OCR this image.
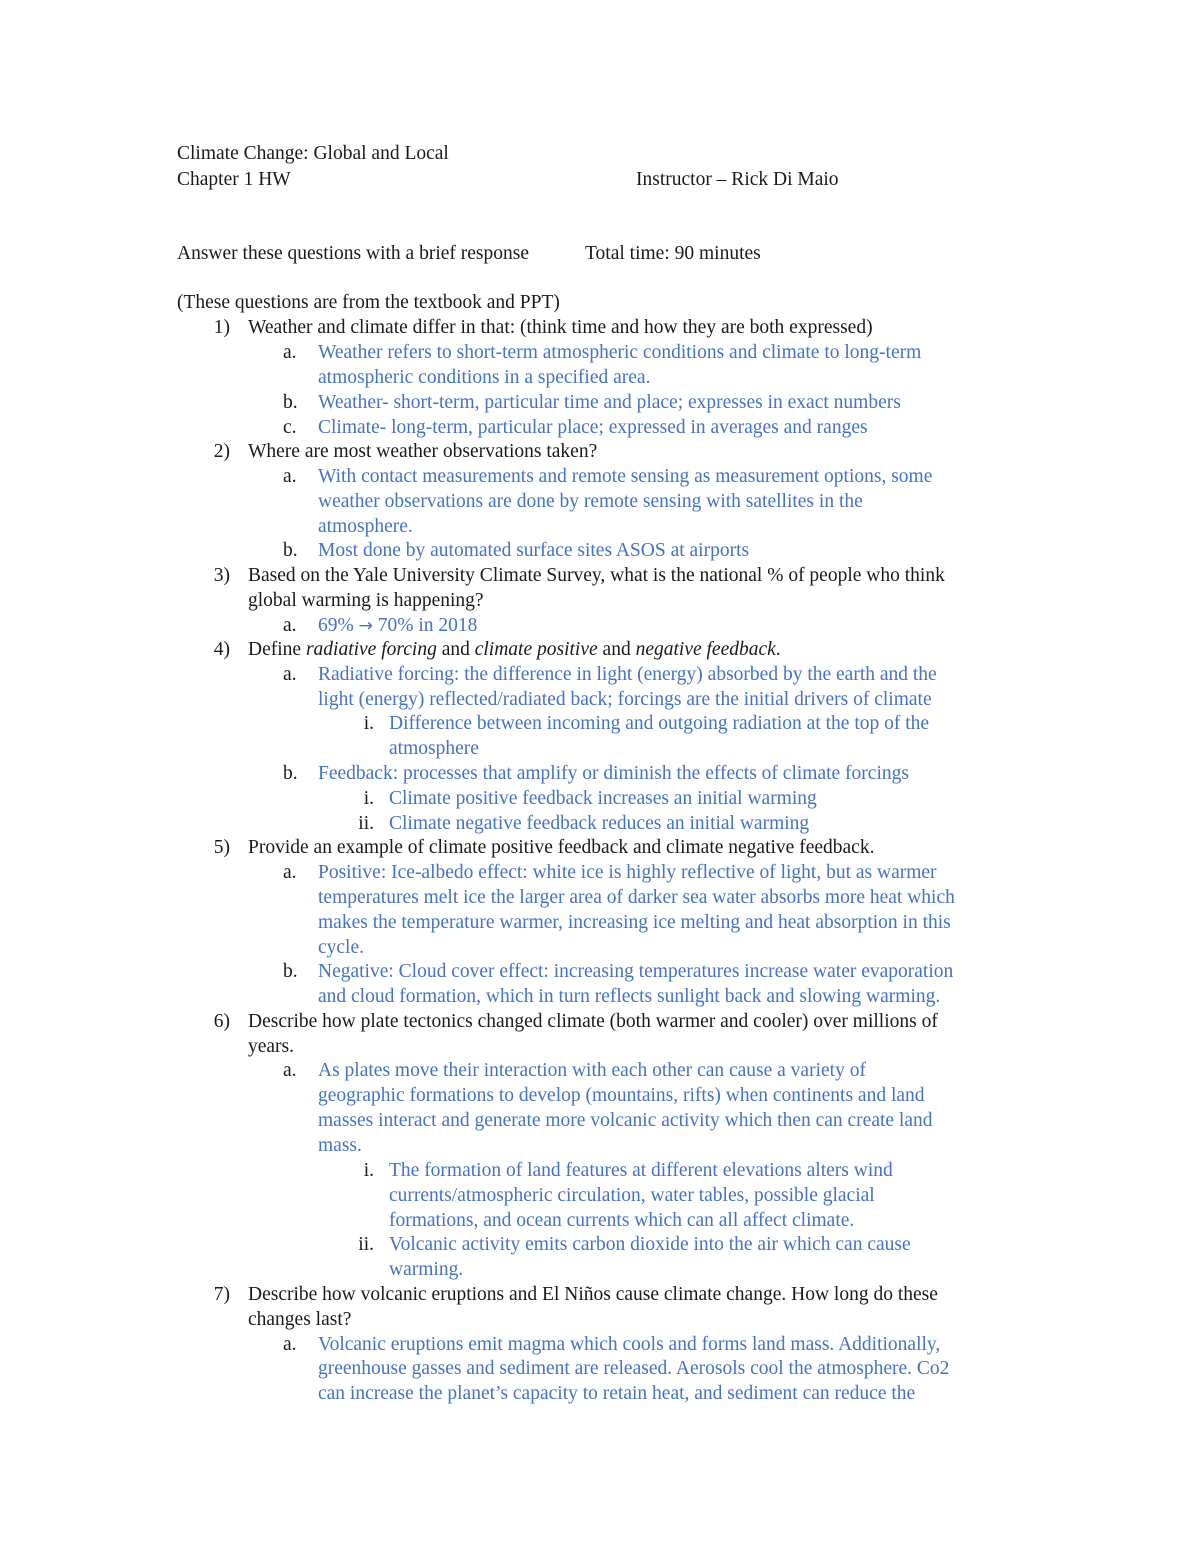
Climate Change: Global and Local
Chapter 1 HW	Instructor – Rick Di Maio
Answer these questions with a brief response	Total time: 90 minutes
(These questions are from the textbook and PPT)
1) Weather and climate differ in that: (think time and how they are both expressed)
a. Weather refers to short-term atmospheric conditions and climate to long-term
atmospheric conditions in a specified area.
b. Weather- short-term, particular time and place; expresses in exact numbers
c. Climate- long-term, particular place; expressed in averages and ranges
2) Where are most weather observations taken?
a. With contact measurements and remote sensing as measurement options, some
weather observations are done by remote sensing with satellites in the
atmosphere.
b. Most done by automated surface sites ASOS at airports
3) Based on the Yale University Climate Survey, what is the national % of people who think
global warming is happening?
a. 69% → 70% in 2018
4) Define radiative forcing and climate positive and negative feedback.
a. Radiative forcing: the difference in light (energy) absorbed by the earth and the
light (energy) reflected/radiated back; forcings are the initial drivers of climate
i. Difference between incoming and outgoing radiation at the top of the
atmosphere
b. Feedback: processes that amplify or diminish the effects of climate forcings
i. Climate positive feedback increases an initial warming
ii. Climate negative feedback reduces an initial warming
5) Provide an example of climate positive feedback and climate negative feedback.
a. Positive: Ice-albedo effect: white ice is highly reflective of light, but as warmer
temperatures melt ice the larger area of darker sea water absorbs more heat which
makes the temperature warmer, increasing ice melting and heat absorption in this
cycle.
b. Negative: Cloud cover effect: increasing temperatures increase water evaporation
and cloud formation, which in turn reflects sunlight back and slowing warming.
6) Describe how plate tectonics changed climate (both warmer and cooler) over millions of
years.
a. As plates move their interaction with each other can cause a variety of
geographic formations to develop (mountains, rifts) when continents and land
masses interact and generate more volcanic activity which then can create land
mass.
i. The formation of land features at different elevations alters wind
currents/atmospheric circulation, water tables, possible glacial
formations, and ocean currents which can all affect climate.
ii. Volcanic activity emits carbon dioxide into the air which can cause
warming.
7) Describe how volcanic eruptions and El Niños cause climate change. How long do these
changes last?
a. Volcanic eruptions emit magma which cools and forms land mass. Additionally,
greenhouse gasses and sediment are released. Aerosols cool the atmosphere. Co2
can increase the planet’s capacity to retain heat, and sediment can reduce the
